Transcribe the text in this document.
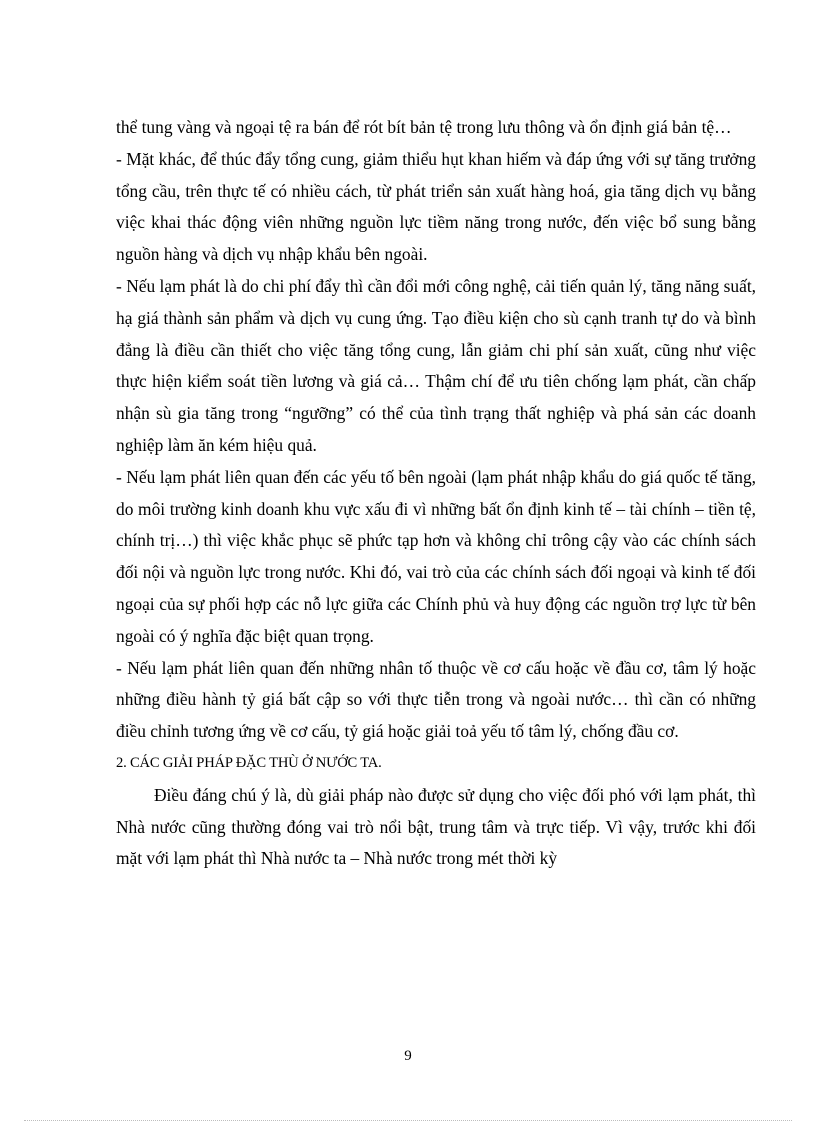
thể tung vàng và ngoại tệ ra bán để rót bít bản tệ trong lưu thông và ổn định giá bản tệ…

- Mặt khác, để thúc đẩy tổng cung, giảm thiểu hụt khan hiếm và đáp ứng với sự tăng trưởng tổng cầu, trên thực tế có nhiều cách, từ phát triển sản xuất hàng hoá, gia tăng dịch vụ bằng việc khai thác động viên những nguồn lực tiềm năng trong nước, đến việc bổ sung bằng nguồn hàng và dịch vụ nhập khẩu bên ngoài.

- Nếu lạm phát là do chi phí đẩy thì cần đổi mới công nghệ, cải tiến quản lý, tăng năng suất, hạ giá thành sản phẩm và dịch vụ cung ứng. Tạo điều kiện cho sù cạnh tranh tự do và bình đẳng là điều cần thiết cho việc tăng tổng cung, lẫn giảm chi phí sản xuất, cũng như việc thực hiện kiểm soát tiền lương và giá cả… Thậm chí để ưu tiên chống lạm phát, cần chấp nhận sù gia tăng trong “ngưỡng” có thể của tình trạng thất nghiệp và phá sản các doanh nghiệp làm ăn kém hiệu quả.

- Nếu lạm phát liên quan đến các yếu tố bên ngoài (lạm phát nhập khẩu do giá quốc tế tăng, do môi trường kinh doanh khu vực xấu đi vì những bất ổn định kinh tế – tài chính – tiền tệ, chính trị…) thì việc khắc phục sẽ phức tạp hơn và không chỉ trông cậy vào các chính sách đối nội và nguồn lực trong nước. Khi đó, vai trò của các chính sách đối ngoại và kinh tế đối ngoại của sự phối hợp các nỗ lực giữa các Chính phủ và huy động các nguồn trợ lực từ bên ngoài có ý nghĩa đặc biệt quan trọng.

- Nếu lạm phát liên quan đến những nhân tố thuộc về cơ cấu hoặc về đầu cơ, tâm lý hoặc những điều hành tỷ giá bất cập so với thực tiễn trong và ngoài nước… thì cần có những điều chỉnh tương ứng về cơ cấu, tỷ giá hoặc giải toả yếu tố tâm lý, chống đầu cơ.

2. CÁC GIẢI PHÁP ĐẶC THÙ Ở NƯỚC TA.

Điều đáng chú ý là, dù giải pháp nào được sử dụng cho việc đối phó với lạm phát, thì Nhà nước cũng thường đóng vai trò nổi bật, trung tâm và trực tiếp. Vì vậy, trước khi đối mặt với lạm phát thì Nhà nước ta – Nhà nước trong mét thời kỳ

9
